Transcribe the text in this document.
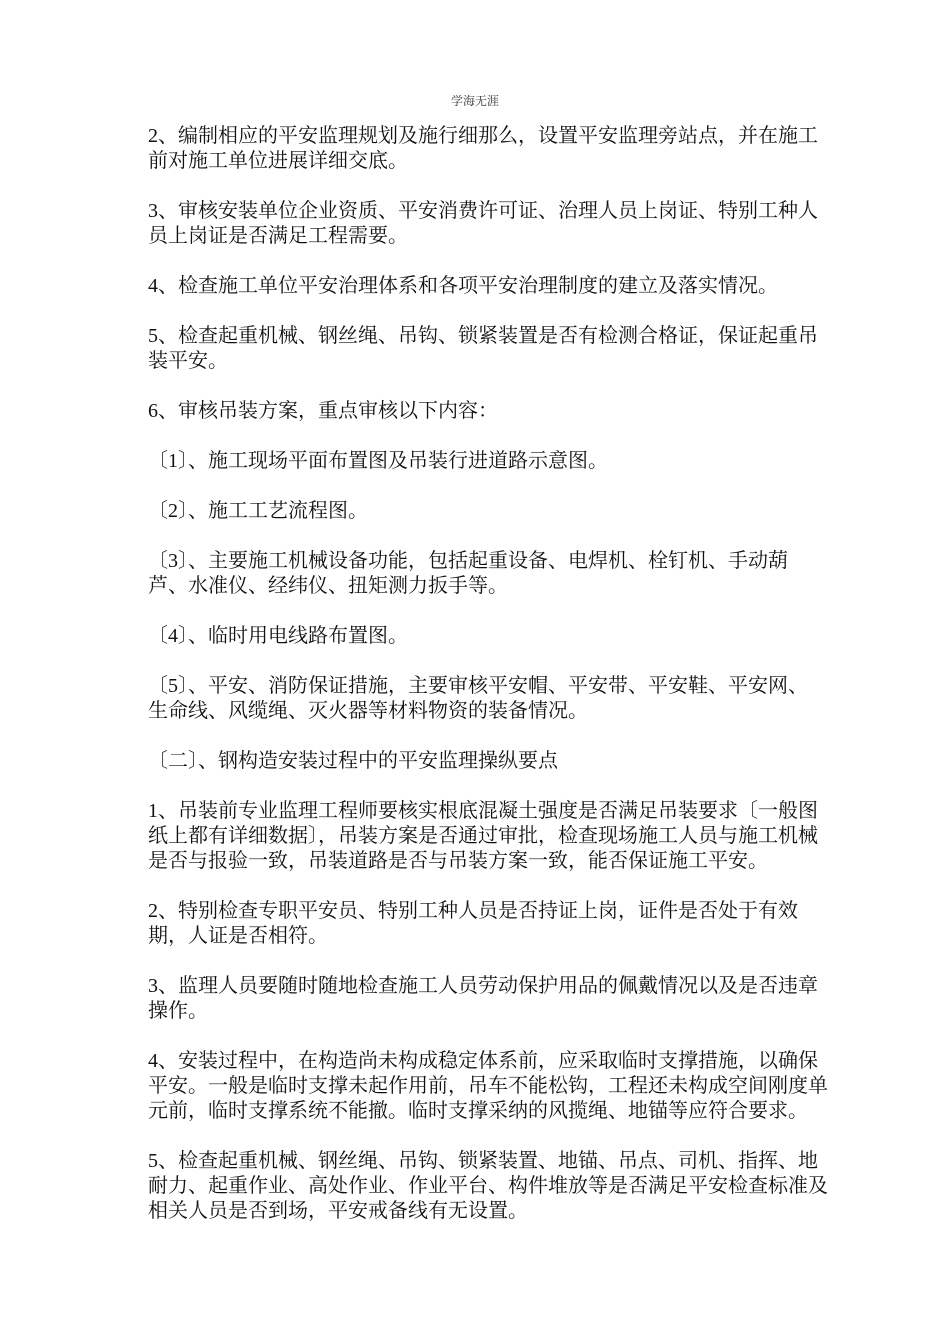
学海无涯
2、编制相应的平安监理规划及施行细那么，设置平安监理旁站点，并在施工
前对施工单位进展详细交底。
3、审核安装单位企业资质、平安消费许可证、治理人员上岗证、特别工种人
员上岗证是否满足工程需要。
4、检查施工单位平安治理体系和各项平安治理制度的建立及落实情况。
5、检查起重机械、钢丝绳、吊钩、锁紧装置是否有检测合格证，保证起重吊
装平安。
6、审核吊装方案，重点审核以下内容：
〔1〕、施工现场平面布置图及吊装行进道路示意图。
〔2〕、施工工艺流程图。
〔3〕、主要施工机械设备功能，包括起重设备、电焊机、栓钉机、手动葫
芦、水准仪、经纬仪、扭矩测力扳手等。
〔4〕、临时用电线路布置图。
〔5〕、平安、消防保证措施，主要审核平安帽、平安带、平安鞋、平安网、
生命线、风缆绳、灭火器等材料物资的装备情况。
〔二〕、钢构造安装过程中的平安监理操纵要点
1、吊装前专业监理工程师要核实根底混凝土强度是否满足吊装要求〔一般图
纸上都有详细数据〕，吊装方案是否通过审批，检查现场施工人员与施工机械
是否与报验一致，吊装道路是否与吊装方案一致，能否保证施工平安。
2、特别检查专职平安员、特别工种人员是否持证上岗，证件是否处于有效
期，人证是否相符。
3、监理人员要随时随地检查施工人员劳动保护用品的佩戴情况以及是否违章
操作。
4、安装过程中，在构造尚未构成稳定体系前，应采取临时支撑措施，以确保
平安。一般是临时支撑未起作用前，吊车不能松钩，工程还未构成空间刚度单
元前，临时支撑系统不能撤。临时支撑采纳的风揽绳、地锚等应符合要求。
5、检查起重机械、钢丝绳、吊钩、锁紧装置、地锚、吊点、司机、指挥、地
耐力、起重作业、高处作业、作业平台、构件堆放等是否满足平安检查标准及
相关人员是否到场，平安戒备线有无设置。
